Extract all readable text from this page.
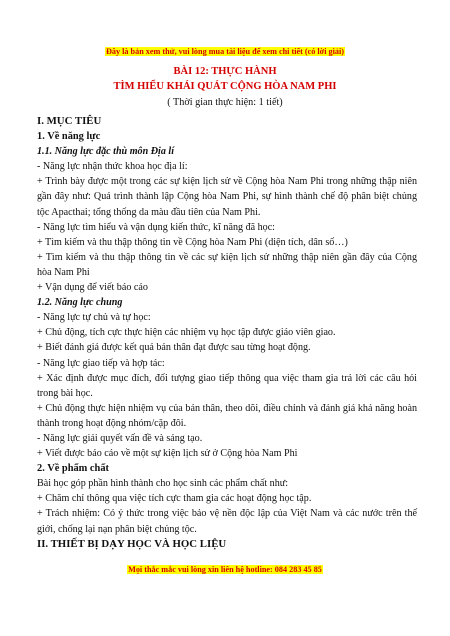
Đây là bản xem thử, vui lòng mua tài liệu để xem chi tiết (có lời giải)
BÀI 12: THỰC HÀNH
TÌM HIỂU KHÁI QUÁT CỘNG HÒA NAM PHI
( Thời gian thực hiện: 1 tiết)

I. MỤC TIÊU

1. Về năng lực

1.1. Năng lực đặc thù môn Địa lí

- Năng lực nhận thức khoa học địa lí:

+ Trình bày được một trong các sự kiện lịch sử về Cộng hòa Nam Phi trong những thập niên gần đây như: Quá trình thành lập Cộng hòa Nam Phi, sự hình thành chế độ phân biệt chủng tộc Apacthai; tổng thống da màu đầu tiên của Nam Phi.

- Năng lực tìm hiểu và vận dụng kiến thức, kĩ năng đã học:

+ Tìm kiếm và thu thập thông tin về Cộng hòa Nam Phi (diện tích, dân số…)

+ Tìm kiếm và thu thập thông tin về các sự kiện lịch sử những thập niên gần đây của Cộng hòa Nam Phi

+ Vận dụng để viết báo cáo

1.2. Năng lực chung

- Năng lực tự chủ và tự học:

+ Chủ động, tích cực thực hiện các nhiệm vụ học tập được giáo viên giao.

+ Biết đánh giá được kết quả bản thân đạt được sau từng hoạt động.

- Năng lực giao tiếp và hợp tác:

+ Xác định được mục đích, đối tượng giao tiếp thông qua việc tham gia trả lời các câu hỏi trong bài học.

+ Chủ động thực hiện nhiệm vụ của bản thân, theo dõi, điều chỉnh và đánh giá khả năng hoàn thành trong hoạt động nhóm/cặp đôi.

- Năng lực giải quyết vấn đề và sáng tạo.

+ Viết được báo cáo về một sự kiện lịch sử ở Cộng hòa Nam Phi

2. Về phẩm chất

Bài học góp phần hình thành cho học sinh các phẩm chất như:

+ Chăm chỉ thông qua việc tích cực tham gia các hoạt động học tập.

+ Trách nhiệm: Có ý thức trong việc bảo vệ nền độc lập của Việt Nam và các nước trên thế giới, chống lại nạn phân biệt chủng tộc.

II. THIẾT BỊ DẠY HỌC VÀ HỌC LIỆU

Mọi thắc mắc vui lòng xin liên hệ hotline: 084 283 45 85
